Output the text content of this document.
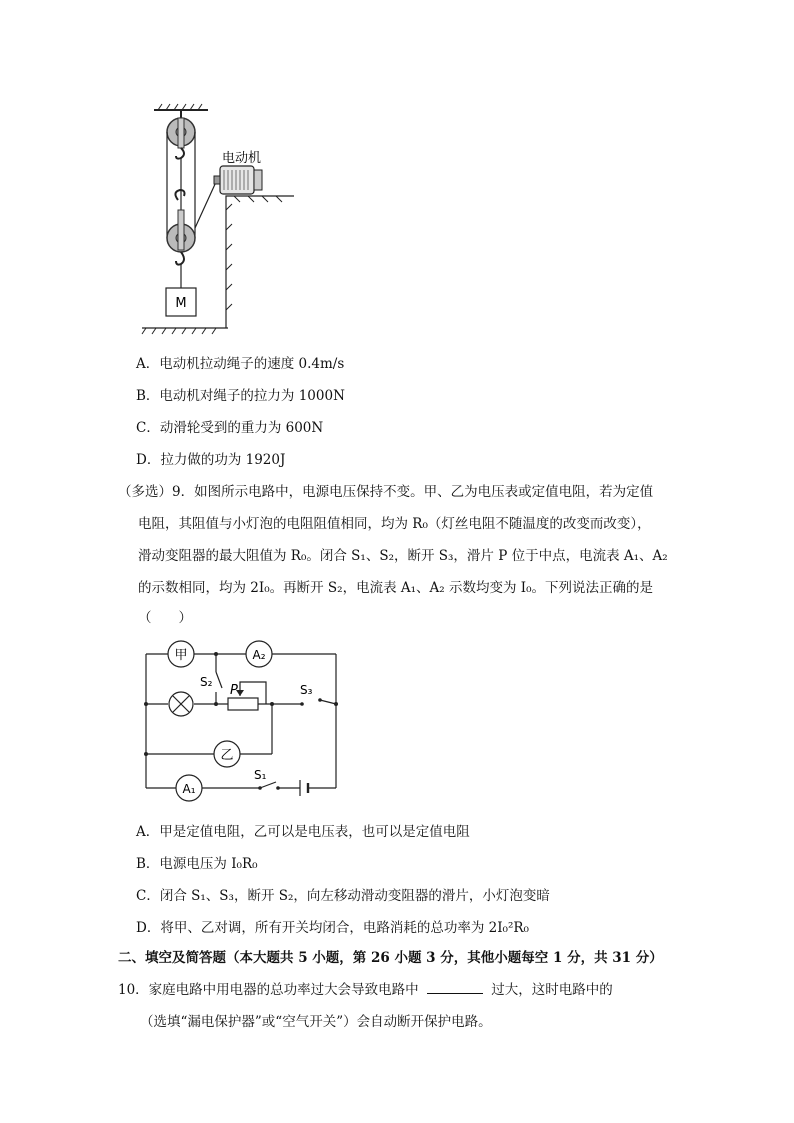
M
电动机
A．电动机拉动绳子的速度 0.4m/s
B．电动机对绳子的拉力为 1000N
C．动滑轮受到的重力为 600N
D．拉力做的功为 1920J
（多选）9．如图所示电路中，电源电压保持不变。甲、乙为电压表或定值电阻，若为定值
电阻，其阻值与小灯泡的电阻阻值相同，均为 R₀（灯丝电阻不随温度的改变而改变），
滑动变阻器的最大阻值为 R₀。闭合 S₁、S₂，断开 S₃，滑片 P 位于中点，电流表 A₁、A₂
的示数相同，均为 2I₀。再断开 S₂，电流表 A₁、A₂ 示数均变为 I₀。下列说法正确的是
（　　）
甲	A₂
乙
A₁
S₂
P	S₃
S₁
A．甲是定值电阻，乙可以是电压表，也可以是定值电阻
B．电源电压为 I₀R₀
C．闭合 S₁、S₃，断开 S₂，向左移动滑动变阻器的滑片，小灯泡变暗
D．将甲、乙对调，所有开关均闭合，电路消耗的总功率为 2I₀²R₀
二、填空及简答题（本大题共 5 小题，第 26 小题 3 分，其他小题每空 1 分，共 31 分）
10．家庭电路中用电器的总功率过大会导致电路中	过大，这时电路中的
（选填“漏电保护器”或“空气开关”）会自动断开保护电路。
